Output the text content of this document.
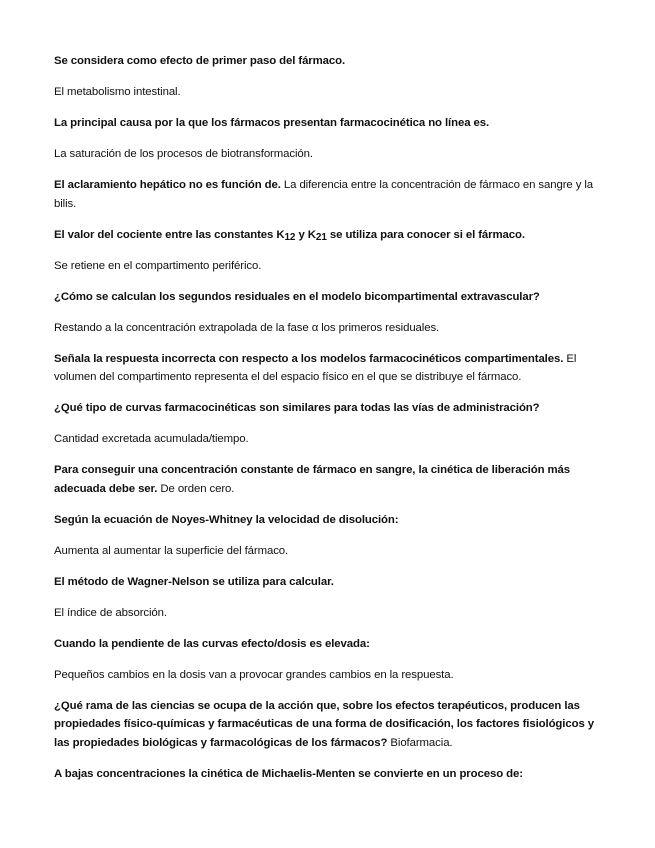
Se considera como efecto de primer paso del fármaco.

El metabolismo intestinal.

La principal causa por la que los fármacos presentan farmacocinética no línea es.

La saturación de los procesos de biotransformación.

El aclaramiento hepático no es función de. La diferencia entre la concentración de fármaco en sangre y la bilis.

El valor del cociente entre las constantes $K_{12}$ y $K_{21}$ se utiliza para conocer si el fármaco.

Se retiene en el compartimento periférico.

¿Cómo se calculan los segundos residuales en el modelo bicompartimental extravascular?

Restando a la concentración extrapolada de la fase α los primeros residuales.

Señala la respuesta incorrecta con respecto a los modelos farmacocinéticos compartimentales. El volumen del compartimento representa el del espacio físico en el que se distribuye el fármaco.

¿Qué tipo de curvas farmacocinéticas son similares para todas las vías de administración?

Cantidad excretada acumulada/tiempo.

Para conseguir una concentración constante de fármaco en sangre, la cinética de liberación más adecuada debe ser. De orden cero.

Según la ecuación de Noyes-Whitney la velocidad de disolución:

Aumenta al aumentar la superficie del fármaco.

El método de Wagner-Nelson se utiliza para calcular.

El índice de absorción.

Cuando la pendiente de las curvas efecto/dosis es elevada:

Pequeños cambios en la dosis van a provocar grandes cambios en la respuesta.

¿Qué rama de las ciencias se ocupa de la acción que, sobre los efectos terapéuticos, producen las propiedades físico-químicas y farmacéuticas de una forma de dosificación, los factores fisiológicos y las propiedades biológicas y farmacológicas de los fármacos? Biofarmacia.

A bajas concentraciones la cinética de Michaelis-Menten se convierte en un proceso de:
